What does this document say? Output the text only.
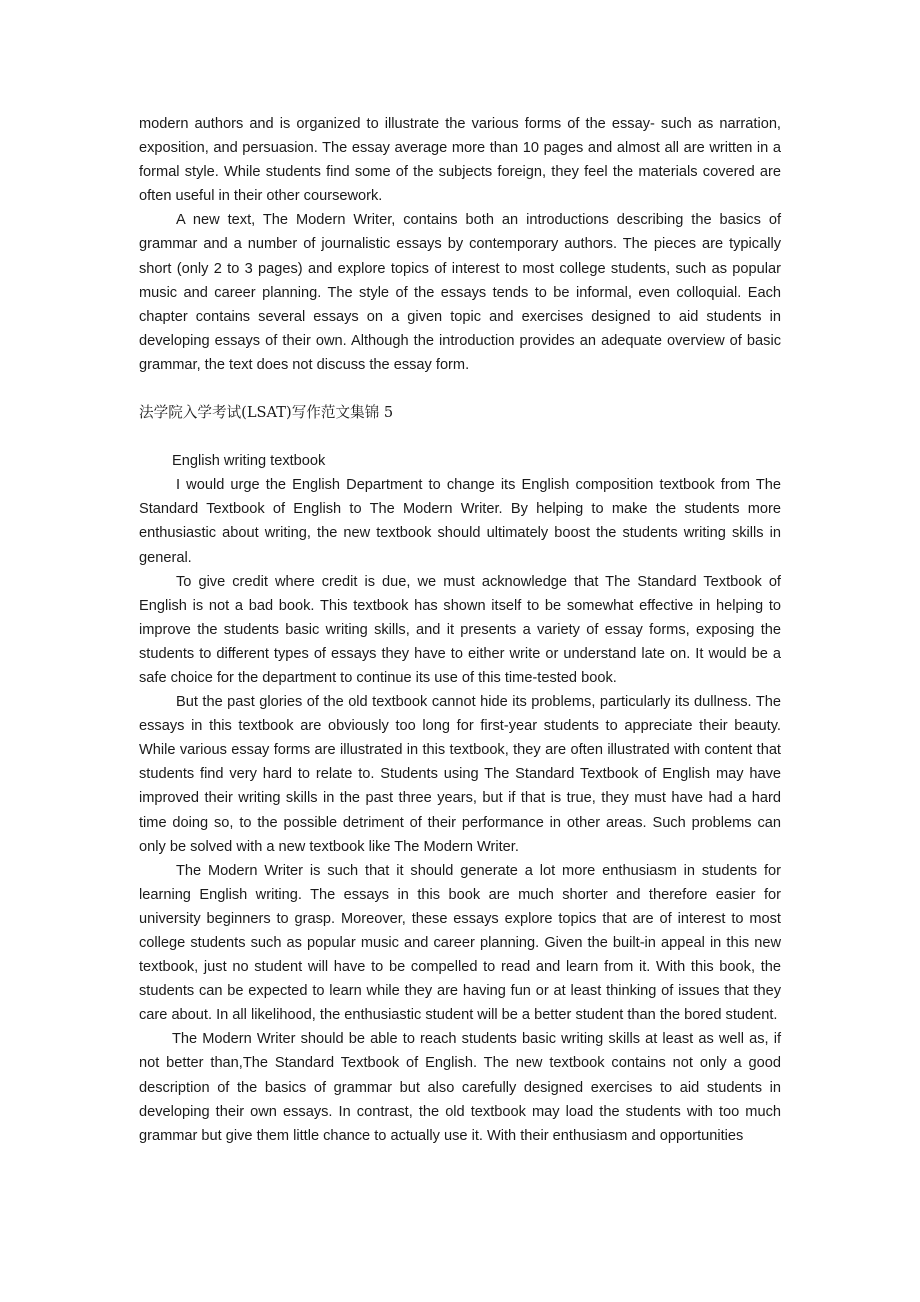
modern authors and is organized to illustrate the various forms of the essay- such as narration, exposition, and persuasion. The essay average more than 10 pages and almost all are written in a formal style. While students find some of the subjects foreign, they feel the materials covered are often useful in their other coursework.

A new text, The Modern Writer, contains both an introductions describing the basics of grammar and a number of journalistic essays by contemporary authors. The pieces are typically short (only 2 to 3 pages) and explore topics of interest to most college students, such as popular music and career planning. The style of the essays tends to be informal, even colloquial. Each chapter contains several essays on a given topic and exercises designed to aid students in developing essays of their own. Although the introduction provides an adequate overview of basic grammar, the text does not discuss the essay form.

法学院入学考试(LSAT)写作范文集锦 5

English writing textbook

I would urge the English Department to change its English composition textbook from The Standard Textbook of English to The Modern Writer. By helping to make the students more enthusiastic about writing, the new textbook should ultimately boost the students writing skills in general.

To give credit where credit is due, we must acknowledge that The Standard Textbook of English is not a bad book. This textbook has shown itself to be somewhat effective in helping to improve the students basic writing skills, and it presents a variety of essay forms, exposing the students to different types of essays they have to either write or understand late on. It would be a safe choice for the department to continue its use of this time-tested book.

But the past glories of the old textbook cannot hide its problems, particularly its dullness. The essays in this textbook are obviously too long for first-year students to appreciate their beauty. While various essay forms are illustrated in this textbook, they are often illustrated with content that students find very hard to relate to. Students using The Standard Textbook of English may have improved their writing skills in the past three years, but if that is true, they must have had a hard time doing so, to the possible detriment of their performance in other areas. Such problems can only be solved with a new textbook like The Modern Writer.

The Modern Writer is such that it should generate a lot more enthusiasm in students for learning English writing. The essays in this book are much shorter and therefore easier for university beginners to grasp. Moreover, these essays explore topics that are of interest to most college students such as popular music and career planning. Given the built-in appeal in this new textbook, just no student will have to be compelled to read and learn from it. With this book, the students can be expected to learn while they are having fun or at least thinking of issues that they care about. In all likelihood, the enthusiastic student will be a better student than the bored student.

The Modern Writer should be able to reach students basic writing skills at least as well as, if not better than,The Standard Textbook of English. The new textbook contains not only a good description of the basics of grammar but also carefully designed exercises to aid students in developing their own essays. In contrast, the old textbook may load the students with too much grammar but give them little chance to actually use it. With their enthusiasm and opportunities
